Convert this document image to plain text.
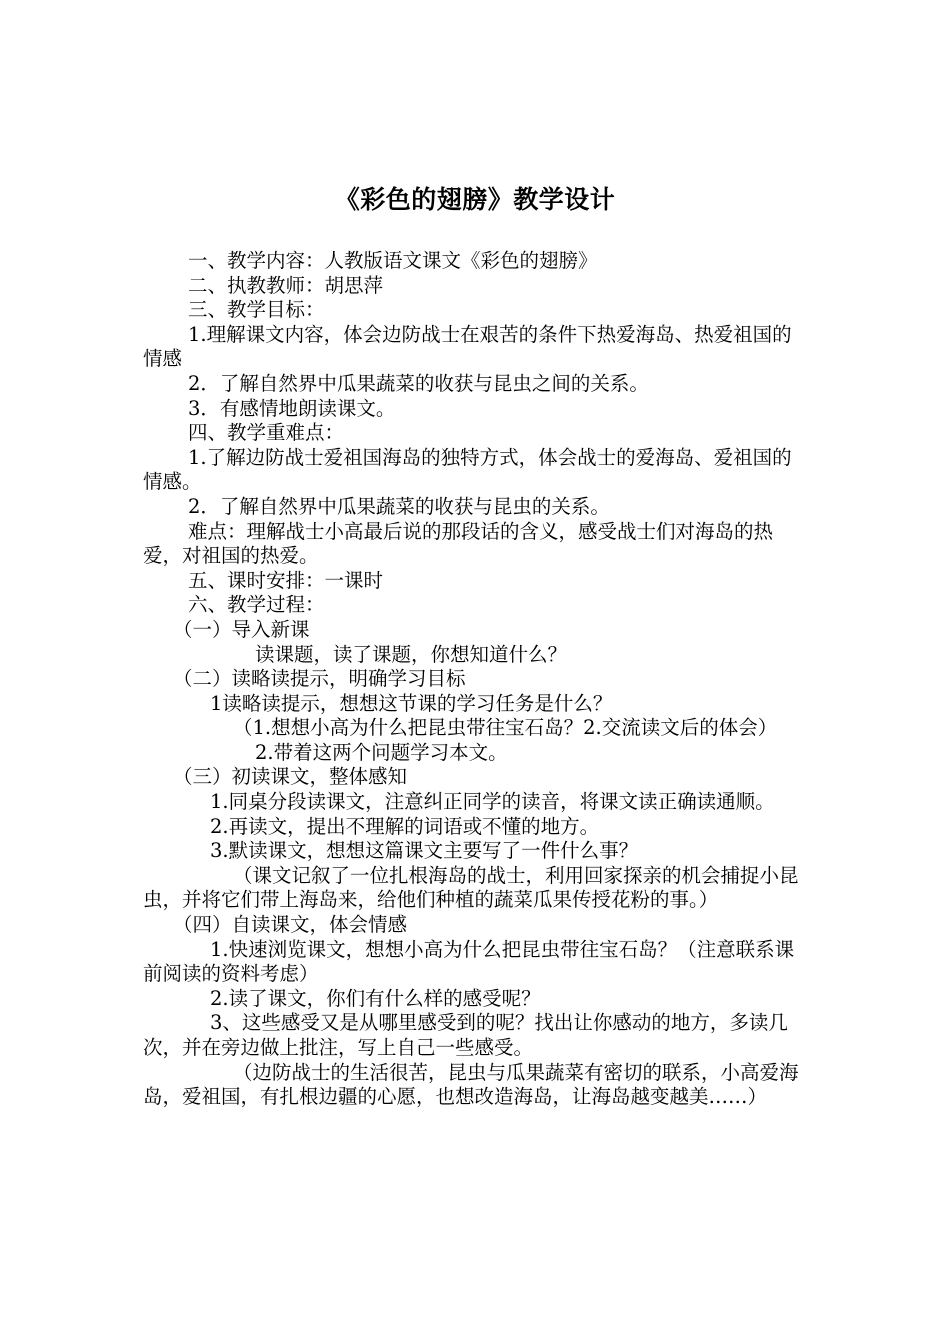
《彩色的翅膀》教学设计

一、教学内容：人教版语文课文《彩色的翅膀》

二、执教教师：胡思萍

三、教学目标：

1.理解课文内容，体会边防战士在艰苦的条件下热爱海岛、热爱祖国的情感

2．了解自然界中瓜果蔬菜的收获与昆虫之间的关系。

3．有感情地朗读课文。

四、教学重难点：

1.了解边防战士爱祖国海岛的独特方式，体会战士的爱海岛、爱祖国的情感。

2．了解自然界中瓜果蔬菜的收获与昆虫的关系。

难点：理解战士小高最后说的那段话的含义，感受战士们对海岛的热爱，对祖国的热爱。

五、课时安排：一课时

六、教学过程：

（一）导入新课

读课题，读了课题，你想知道什么？

（二）读略读提示，明确学习目标

1读略读提示，想想这节课的学习任务是什么？

（1.想想小高为什么把昆虫带往宝石岛？2.交流读文后的体会）

2.带着这两个问题学习本文。

（三）初读课文，整体感知

1.同桌分段读课文，注意纠正同学的读音，将课文读正确读通顺。

2.再读文，提出不理解的词语或不懂的地方。

3.默读课文，想想这篇课文主要写了一件什么事？

（课文记叙了一位扎根海岛的战士，利用回家探亲的机会捕捉小昆虫，并将它们带上海岛来，给他们种植的蔬菜瓜果传授花粉的事。）

（四）自读课文，体会情感

1.快速浏览课文，想想小高为什么把昆虫带往宝石岛？（注意联系课前阅读的资料考虑）

2.读了课文，你们有什么样的感受呢？

3、这些感受又是从哪里感受到的呢？找出让你感动的地方，多读几次，并在旁边做上批注，写上自己一些感受。

（边防战士的生活很苦，昆虫与瓜果蔬菜有密切的联系，小高爱海岛，爱祖国，有扎根边疆的心愿，也想改造海岛，让海岛越变越美……）
